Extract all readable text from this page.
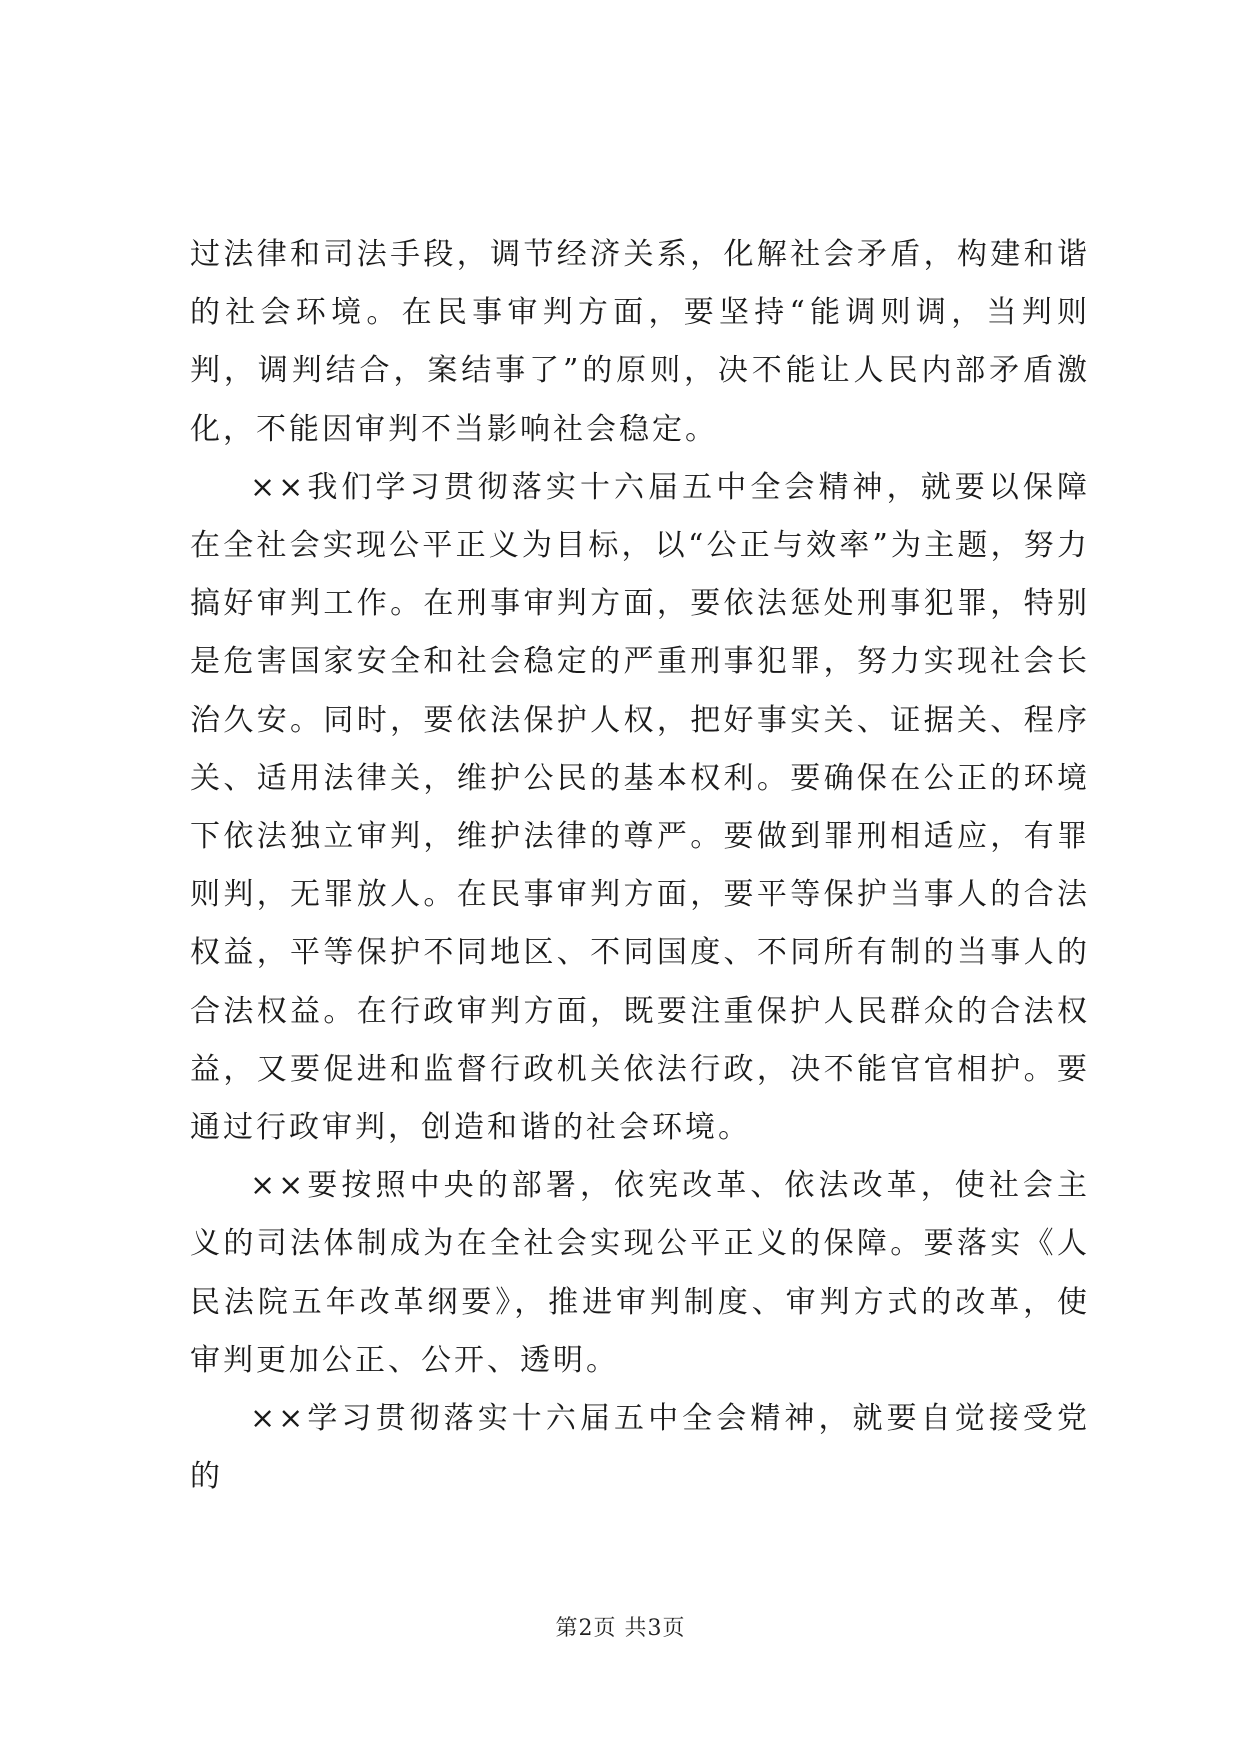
过法律和司法手段，调节经济关系，化解社会矛盾，构建和谐的社会环境。在民事审判方面，要坚持“能调则调，当判则判，调判结合，案结事了”的原则，决不能让人民内部矛盾激化，不能因审判不当影响社会稳定。

××我们学习贯彻落实十六届五中全会精神，就要以保障在全社会实现公平正义为目标，以“公正与效率”为主题，努力搞好审判工作。在刑事审判方面，要依法惩处刑事犯罪，特别是危害国家安全和社会稳定的严重刑事犯罪，努力实现社会长治久安。同时，要依法保护人权，把好事实关、证据关、程序关、适用法律关，维护公民的基本权利。要确保在公正的环境下依法独立审判，维护法律的尊严。要做到罪刑相适应，有罪则判，无罪放人。在民事审判方面，要平等保护当事人的合法权益，平等保护不同地区、不同国度、不同所有制的当事人的合法权益。在行政审判方面，既要注重保护人民群众的合法权益，又要促进和监督行政机关依法行政，决不能官官相护。要通过行政审判，创造和谐的社会环境。

××要按照中央的部署，依宪改革、依法改革，使社会主义的司法体制成为在全社会实现公平正义的保障。要落实《人民法院五年改革纲要》，推进审判制度、审判方式的改革，使审判更加公正、公开、透明。

××学习贯彻落实十六届五中全会精神，就要自觉接受党的

第2页 共3页
